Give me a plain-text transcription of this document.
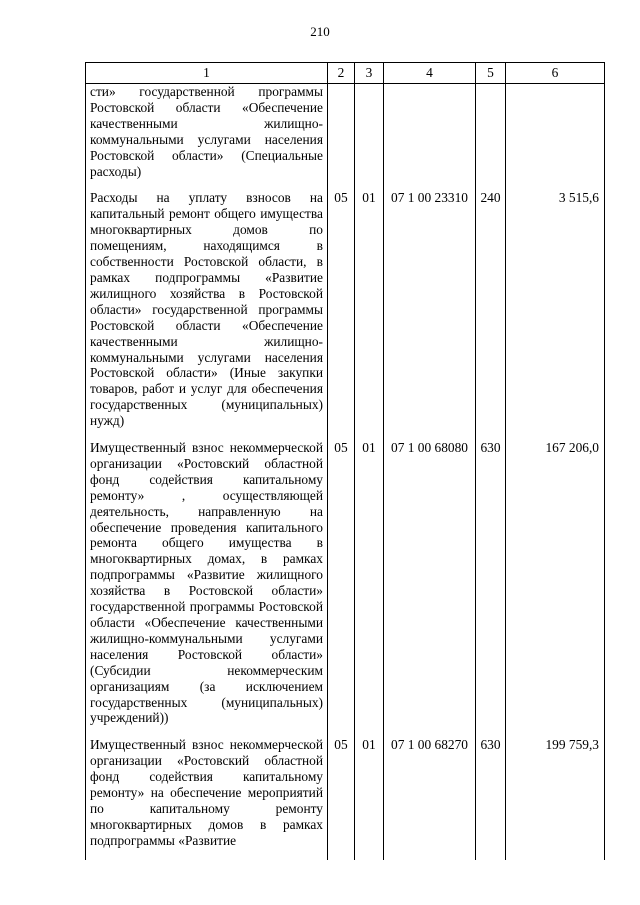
210
1	2	3	4	5	6
сти» государственной программы Ростовской области «Обеспечение качественными жилищно-коммунальными услугами населения Ростовской области» (Специальные расходы)					
Расходы на уплату взносов на капитальный ремонт общего имущества многоквартирных домов по помещениям, находящимся в собственности Ростовской области, в рамках подпрограммы «Развитие жилищного хозяйства в Ростовской области» государственной программы Ростовской области «Обеспечение качественными жилищно-коммунальными услугами населения Ростовской области» (Иные закупки товаров, работ и услуг для обеспечения государственных (муниципальных) нужд)	05	01	07 1 00 23310	240	3 515,6
Имущественный взнос некоммерческой организации «Ростовский областной фонд содействия капитальному ремонту» , осуществляющей деятельность, направленную на обеспечение проведения капитального ремонта общего имущества в многоквартирных домах, в рамках подпрограммы «Развитие жилищного хозяйства в Ростовской области» государственной программы Ростовской области «Обеспечение качественными жилищно-коммунальными услугами населения Ростовской области» (Субсидии некоммерческим организациям (за исключением государственных (муниципальных) учреждений))	05	01	07 1 00 68080	630	167 206,0
Имущественный взнос некоммерческой организации «Ростовский областной фонд содействия капитальному ремонту» на обеспечение мероприятий по капитальному ремонту многоквартирных домов в рамках подпрограммы «Развитие	05	01	07 1 00 68270	630	199 759,3
